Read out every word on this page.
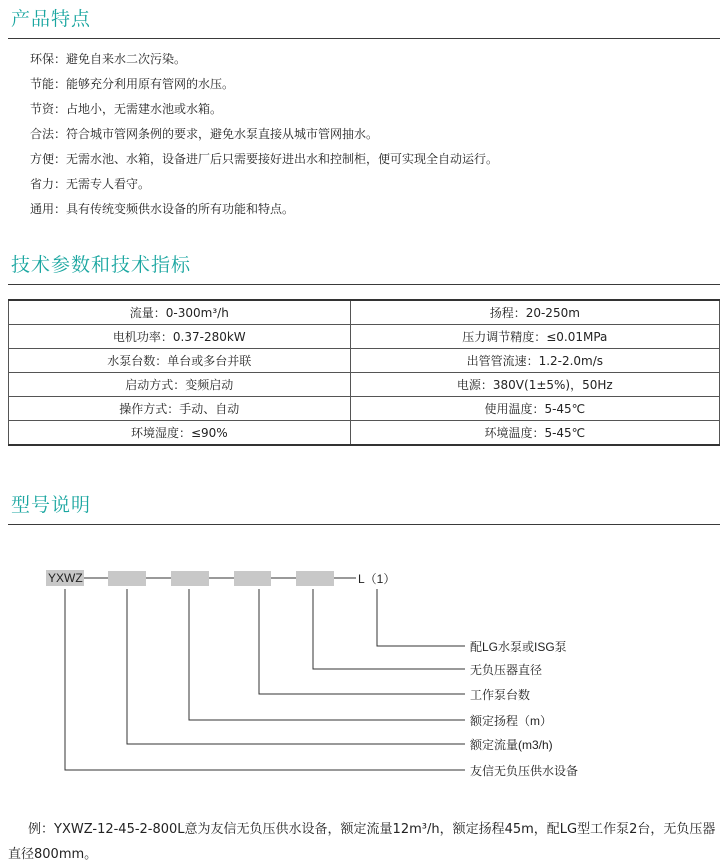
产品特点
环保：避免自来水二次污染。
节能：能够充分利用原有管网的水压。
节资：占地小，无需建水池或水箱。
合法：符合城市管网条例的要求，避免水泵直接从城市管网抽水。
方便：无需水池、水箱，设备进厂后只需要接好进出水和控制柜，便可实现全自动运行。
省力：无需专人看守。
通用：具有传统变频供水设备的所有功能和特点。
技术参数和技术指标
流量：0-300m³/h	扬程：20-250m
电机功率：0.37-280kW	压力调节精度：≤0.01MPa
水泵台数：单台或多台并联	出管管流速：1.2-2.0m/s
启动方式：变频启动	电源：380V(1±5%)，50Hz
操作方式：手动、自动	使用温度：5-45℃
环境湿度：≤90%	环境温度：5-45℃
型号说明
YXWZ	L（1）
配LG水泵或ISG泵
无负压器直径
工作泵台数
额定扬程（m）
额定流量(m3/h)
友信无负压供水设备

例：YXWZ-12-45-2-800L意为友信无负压供水设备，额定流量12m³/h，额定扬程45m，配LG型工作泵2台，无负压器直径800mm。
